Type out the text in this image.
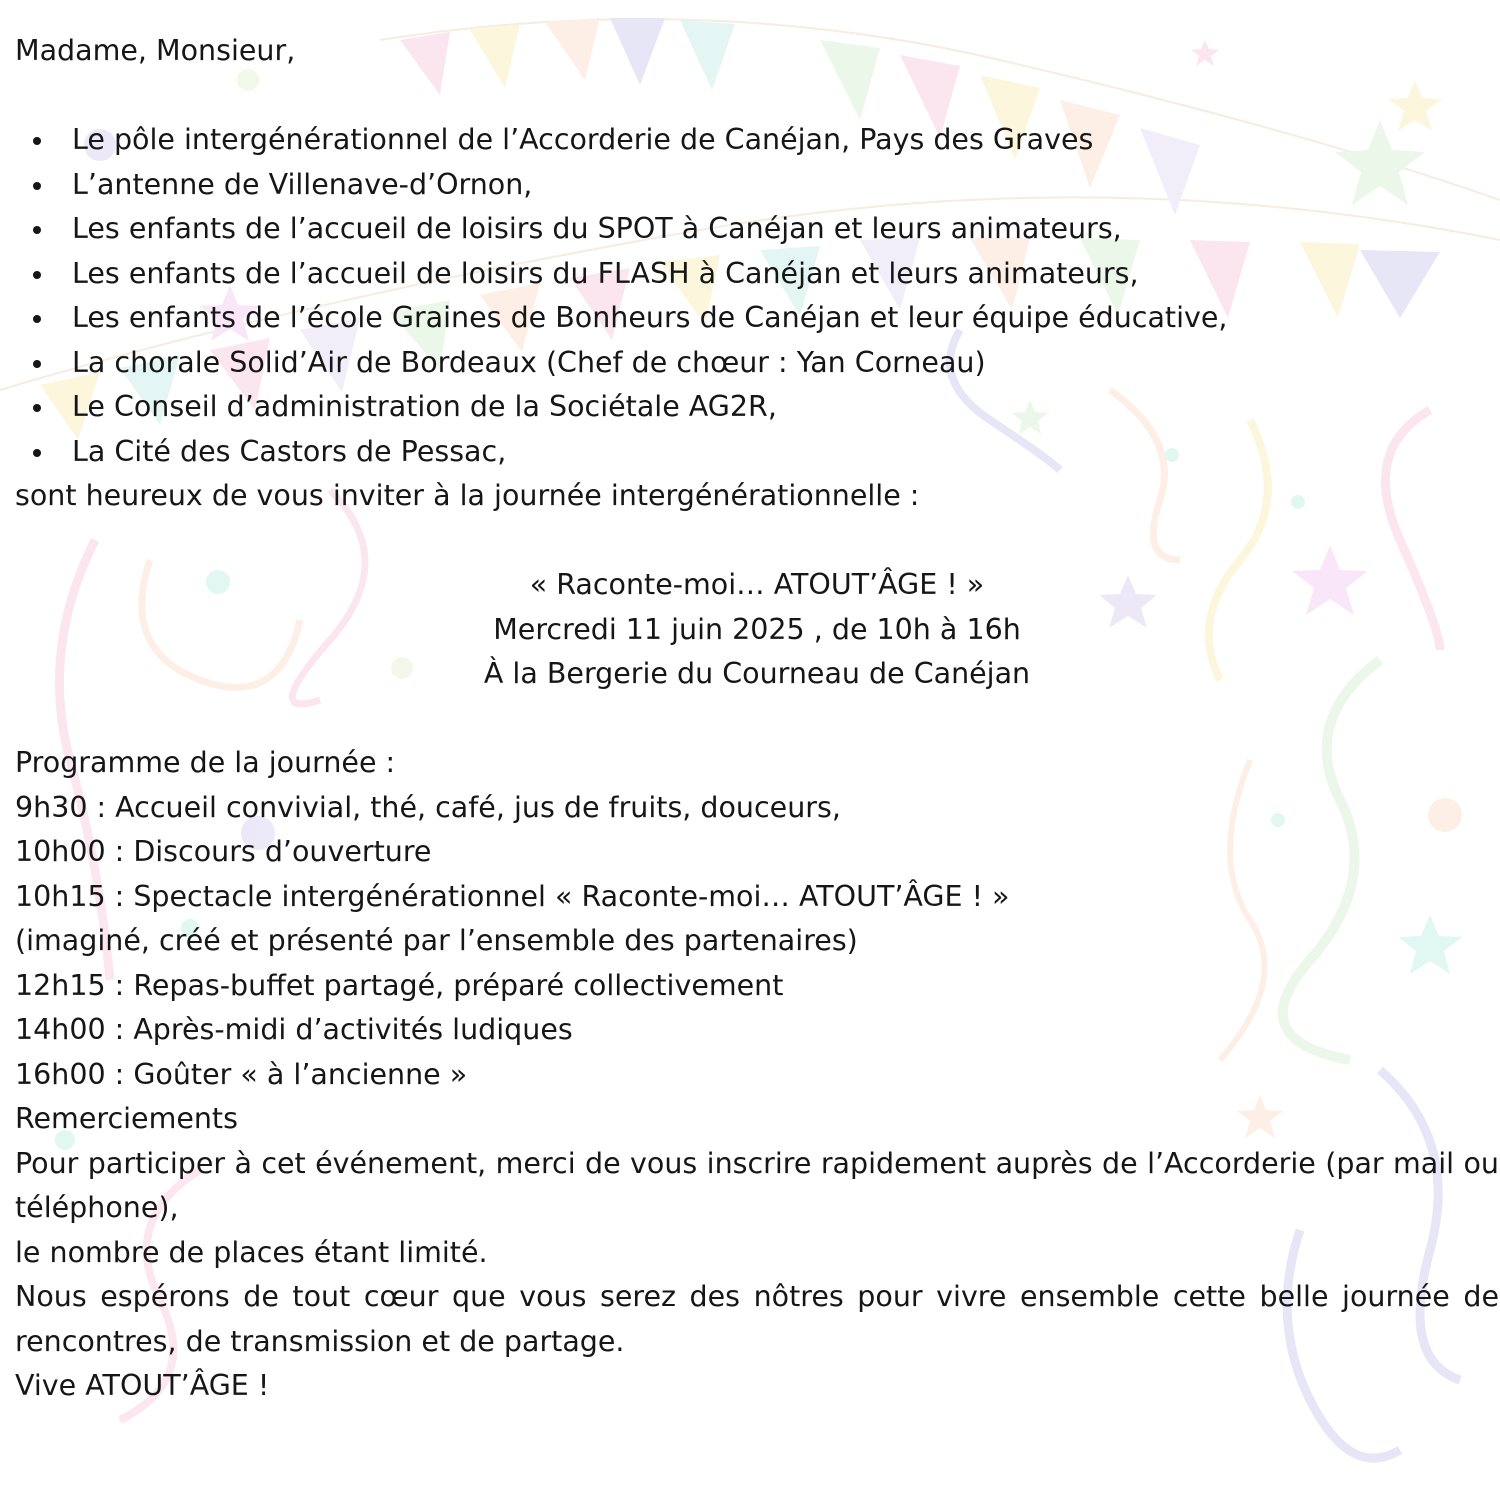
Madame, Monsieur,
Le pôle intergénérationnel de l’Accorderie de Canéjan, Pays des Graves
L’antenne de Villenave-d’Ornon,
Les enfants de l’accueil de loisirs du SPOT à Canéjan et leurs animateurs,
Les enfants de l’accueil de loisirs du FLASH à Canéjan et leurs animateurs,
Les enfants de l’école Graines de Bonheurs de Canéjan et leur équipe éducative,
La chorale Solid’Air de Bordeaux (Chef de chœur : Yan Corneau)
Le Conseil d’administration de la Sociétale AG2R,
La Cité des Castors de Pessac,
sont heureux de vous inviter à la journée intergénérationnelle :
« Raconte-moi… ATOUT’ÂGE ! »
Mercredi 11 juin 2025 , de 10h à 16h
À la Bergerie du Courneau de Canéjan
Programme de la journée :
9h30 : Accueil convivial, thé, café, jus de fruits, douceurs,
10h00 : Discours d’ouverture
10h15 : Spectacle intergénérationnel « Raconte-moi… ATOUT’ÂGE ! »
(imaginé, créé et présenté par l’ensemble des partenaires)
12h15 : Repas-buffet partagé, préparé collectivement
14h00 : Après-midi d’activités ludiques
16h00 : Goûter « à l’ancienne »
Remerciements
Pour participer à cet événement, merci de vous inscrire rapidement auprès de l’Accorderie (par mail ou téléphone),
le nombre de places étant limité.
Nous espérons de tout cœur que vous serez des nôtres pour vivre ensemble cette belle journée de rencontres, de transmission et de partage.
Vive ATOUT’ÂGE !
